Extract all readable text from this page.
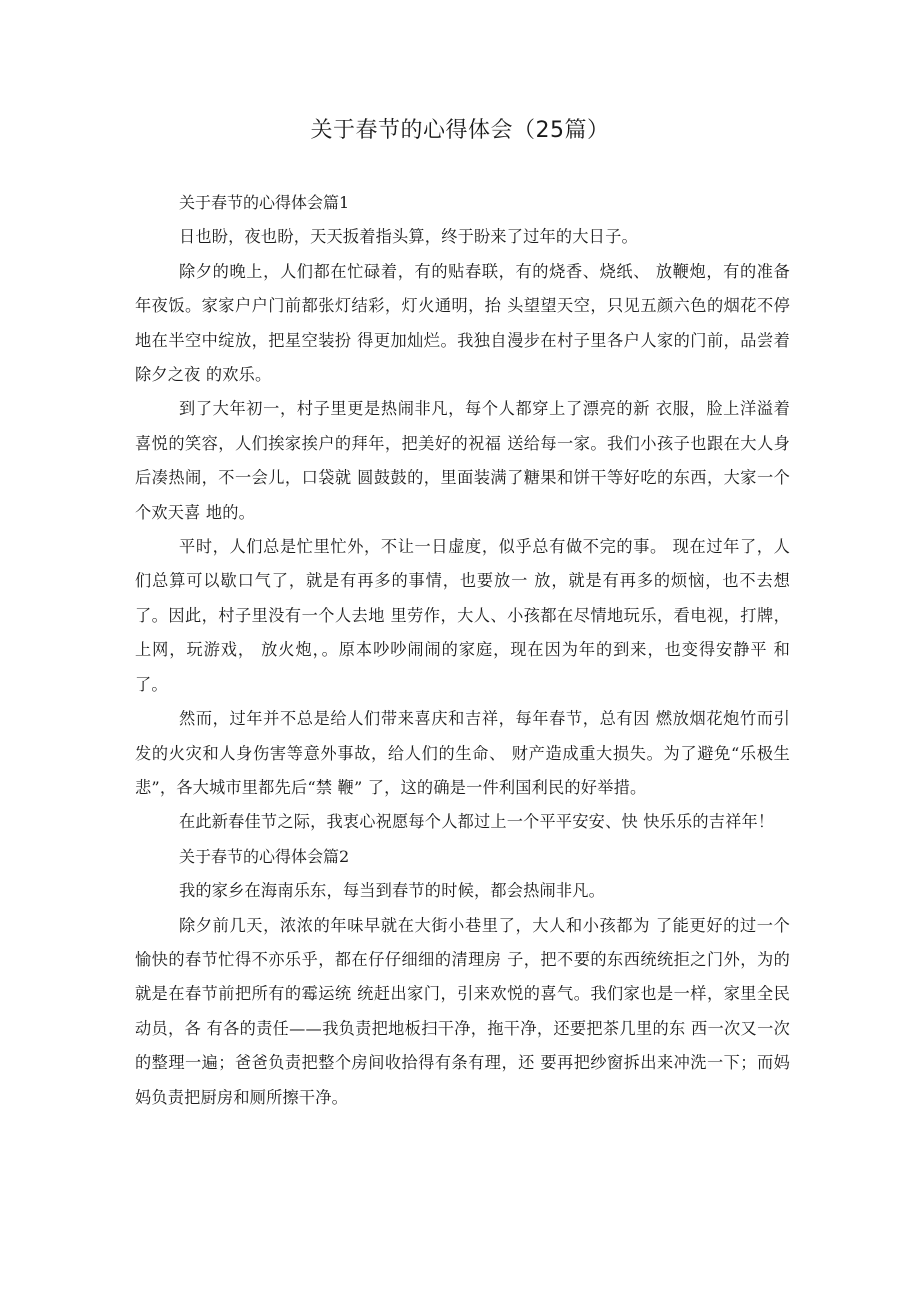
关于春节的心得体会（25篇）
关于春节的心得体会篇1

日也盼，夜也盼，天天扳着指头算，终于盼来了过年的大日子。

除夕的晚上，人们都在忙碌着，有的贴春联，有的烧香、烧纸、 放鞭炮，有的准备年夜饭。家家户户门前都张灯结彩，灯火通明，抬 头望望天空，只见五颜六色的烟花不停地在半空中绽放，把星空装扮 得更加灿烂。我独自漫步在村子里各户人家的门前，品尝着除夕之夜 的欢乐。

到了大年初一，村子里更是热闹非凡，每个人都穿上了漂亮的新 衣服，脸上洋溢着喜悦的笑容，人们挨家挨户的拜年，把美好的祝福 送给每一家。我们小孩子也跟在大人身后凑热闹，不一会儿，口袋就 圆鼓鼓的，里面装满了糖果和饼干等好吃的东西，大家一个个欢天喜 地的。

平时，人们总是忙里忙外，不让一日虚度，似乎总有做不完的事。 现在过年了，人们总算可以歇口气了，就是有再多的事情，也要放一 放，就是有再多的烦恼，也不去想了。因此，村子里没有一个人去地 里劳作，大人、小孩都在尽情地玩乐，看电视，打牌，上网，玩游戏， 放火炮，。原本吵吵闹闹的家庭，现在因为年的到来，也变得安静平 和了。

然而，过年并不总是给人们带来喜庆和吉祥，每年春节，总有因 燃放烟花炮竹而引发的火灾和人身伤害等意外事故，给人们的生命、 财产造成重大损失。为了避免“乐极生悲”，各大城市里都先后“禁 鞭” 了，这的确是一件利国利民的好举措。

在此新春佳节之际，我衷心祝愿每个人都过上一个平平安安、快 快乐乐的吉祥年！

关于春节的心得体会篇2

我的家乡在海南乐东，每当到春节的时候，都会热闹非凡。

除夕前几天，浓浓的年味早就在大街小巷里了，大人和小孩都为 了能更好的过一个愉快的春节忙得不亦乐乎，都在仔仔细细的清理房 子，把不要的东西统统拒之门外，为的就是在春节前把所有的霉运统 统赶出家门，引来欢悦的喜气。我们家也是一样，家里全民动员，各 有各的责任——我负责把地板扫干净，拖干净，还要把茶几里的东 西一次又一次的整理一遍；爸爸负责把整个房间收拾得有条有理，还 要再把纱窗拆出来冲洗一下；而妈妈负责把厨房和厕所擦干净。
